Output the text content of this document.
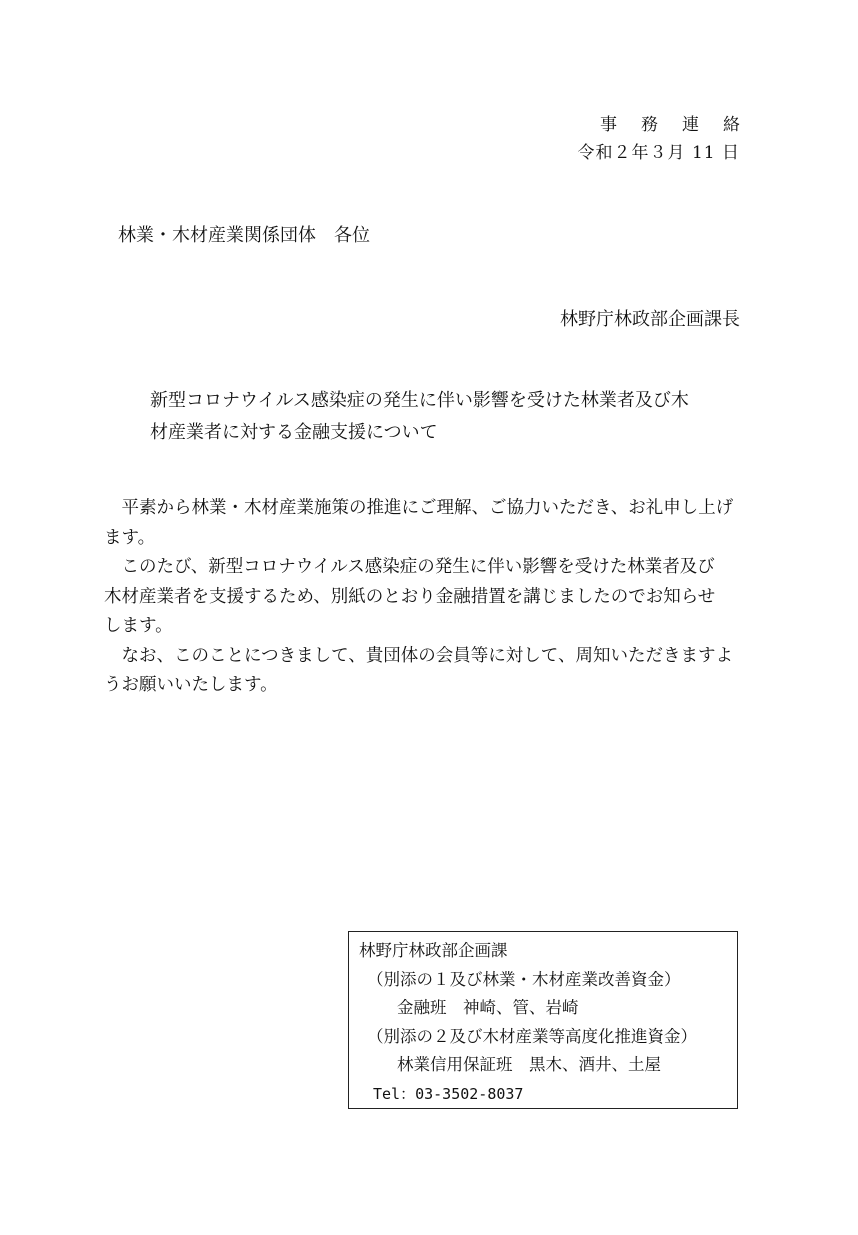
事務連絡
令和２年３月 11 日
林業・木材産業関係団体　各位
林野庁林政部企画課長
新型コロナウイルス感染症の発生に伴い影響を受けた林業者及び木
材産業者に対する金融支援について

　平素から林業・木材産業施策の推進にご理解、ご協力いただき、お礼申し上げ

ます。

　このたび、新型コロナウイルス感染症の発生に伴い影響を受けた林業者及び

木材産業者を支援するため、別紙のとおり金融措置を講じましたのでお知らせ

します。

　なお、このことにつきまして、貴団体の会員等に対して、周知いただきますよ

うお願いいたします。

林野庁林政部企画課
（別添の１及び林業・木材産業改善資金）
金融班　神崎、管、岩崎
（別添の２及び木材産業等高度化推進資金）
林業信用保証班　黒木、酒井、土屋
Tel：03-3502-8037
